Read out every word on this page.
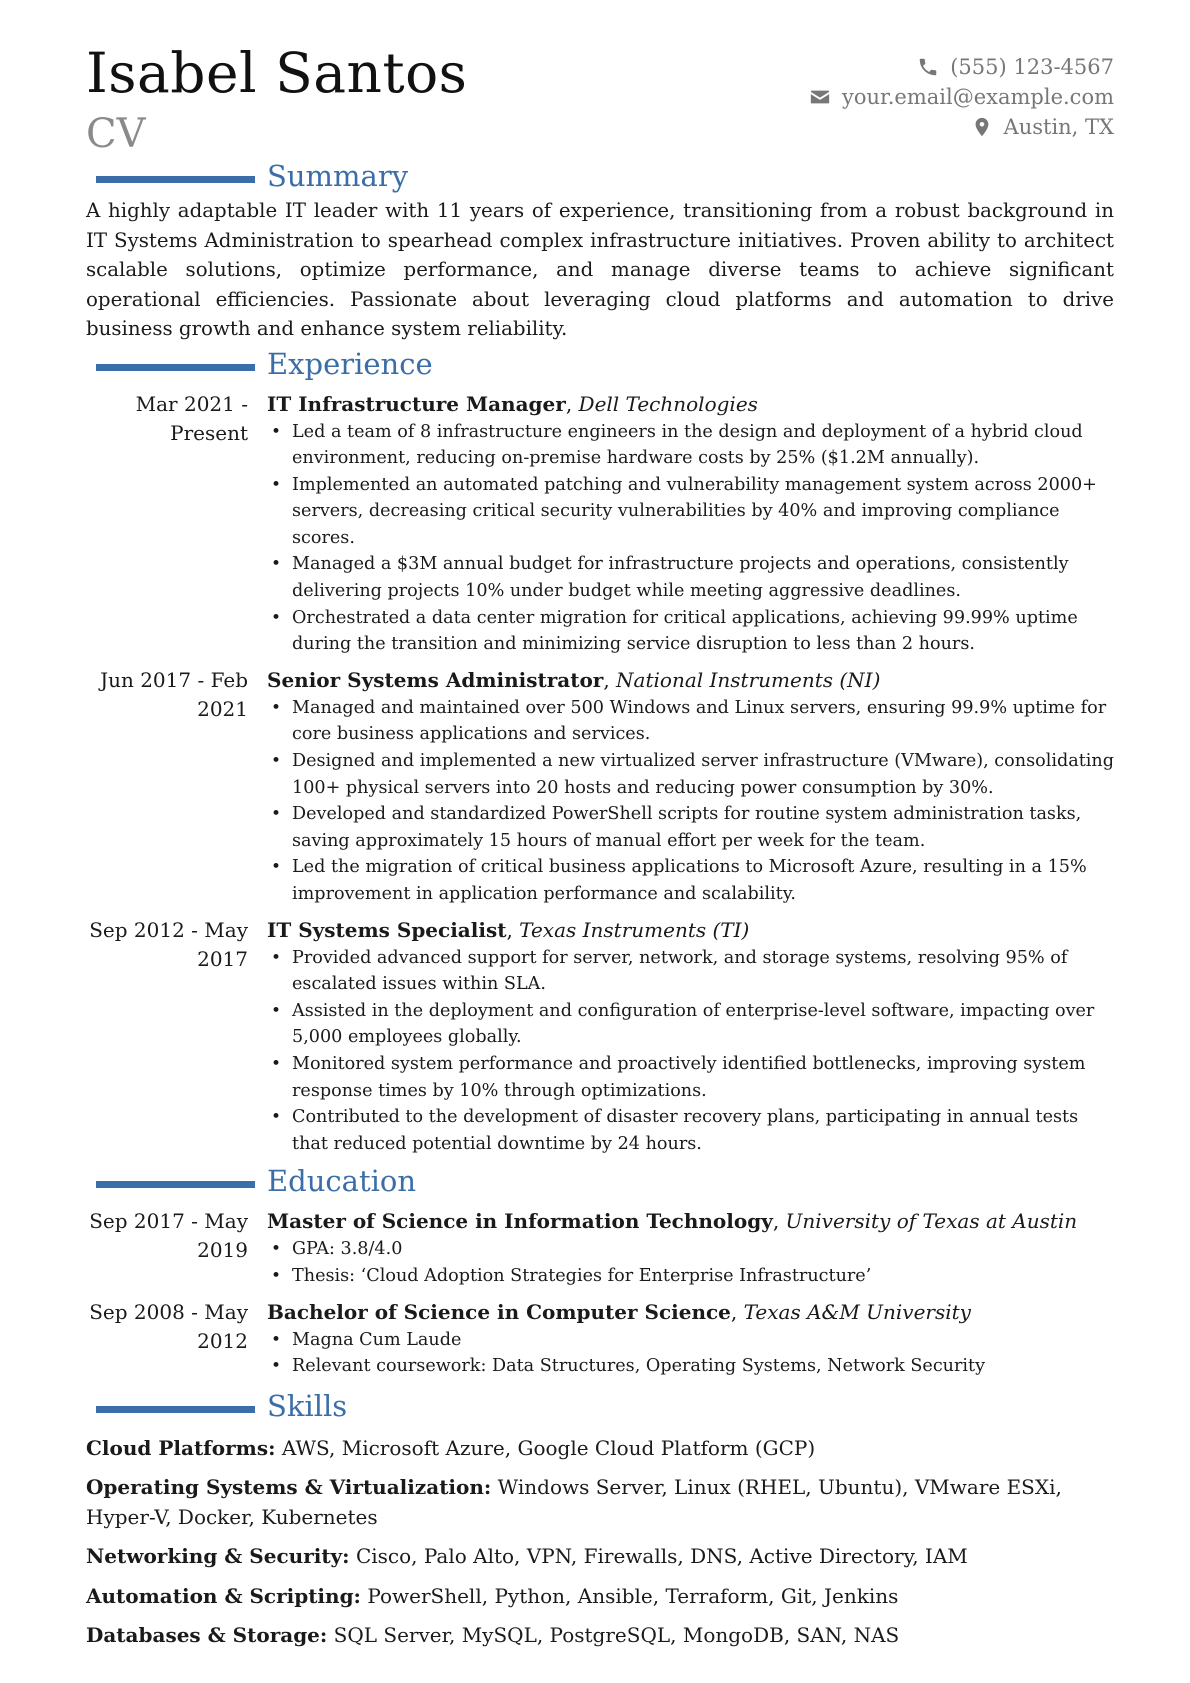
Isabel Santos
CV
(555) 123-4567
your.email@example.com
Austin, TX
Summary
A highly adaptable IT leader with 11 years of experience, transitioning from a robust background in IT Systems Administration to spearhead complex infrastructure initiatives. Proven ability to architect scalable solutions, optimize performance, and manage diverse teams to achieve significant operational efficiencies. Passionate about leveraging cloud platforms and automation to drive business growth and enhance system reliability.
Experience
Mar 2021 - Present
IT Infrastructure Manager, Dell Technologies
• Led a team of 8 infrastructure engineers in the design and deployment of a hybrid cloud environment, reducing on-premise hardware costs by 25% ($1.2M annually).
• Implemented an automated patching and vulnerability management system across 2000+ servers, decreasing critical security vulnerabilities by 40% and improving compliance scores.
• Managed a $3M annual budget for infrastructure projects and operations, consistently delivering projects 10% under budget while meeting aggressive deadlines.
• Orchestrated a data center migration for critical applications, achieving 99.99% uptime during the transition and minimizing service disruption to less than 2 hours.
Jun 2017 - Feb 2021
Senior Systems Administrator, National Instruments (NI)
• Managed and maintained over 500 Windows and Linux servers, ensuring 99.9% uptime for core business applications and services.
• Designed and implemented a new virtualized server infrastructure (VMware), consolidating 100+ physical servers into 20 hosts and reducing power consumption by 30%.
• Developed and standardized PowerShell scripts for routine system administration tasks, saving approximately 15 hours of manual effort per week for the team.
• Led the migration of critical business applications to Microsoft Azure, resulting in a 15% improvement in application performance and scalability.
Sep 2012 - May 2017
IT Systems Specialist, Texas Instruments (TI)
• Provided advanced support for server, network, and storage systems, resolving 95% of escalated issues within SLA.
• Assisted in the deployment and configuration of enterprise-level software, impacting over 5,000 employees globally.
• Monitored system performance and proactively identified bottlenecks, improving system response times by 10% through optimizations.
• Contributed to the development of disaster recovery plans, participating in annual tests that reduced potential downtime by 24 hours.
Education
Sep 2017 - May 2019
Master of Science in Information Technology, University of Texas at Austin
• GPA: 3.8/4.0
• Thesis: ‘Cloud Adoption Strategies for Enterprise Infrastructure’
Sep 2008 - May 2012
Bachelor of Science in Computer Science, Texas A&M University
• Magna Cum Laude
• Relevant coursework: Data Structures, Operating Systems, Network Security
Skills
Cloud Platforms: AWS, Microsoft Azure, Google Cloud Platform (GCP)
Operating Systems & Virtualization: Windows Server, Linux (RHEL, Ubuntu), VMware ESXi, Hyper-V, Docker, Kubernetes
Networking & Security: Cisco, Palo Alto, VPN, Firewalls, DNS, Active Directory, IAM
Automation & Scripting: PowerShell, Python, Ansible, Terraform, Git, Jenkins
Databases & Storage: SQL Server, MySQL, PostgreSQL, MongoDB, SAN, NAS
